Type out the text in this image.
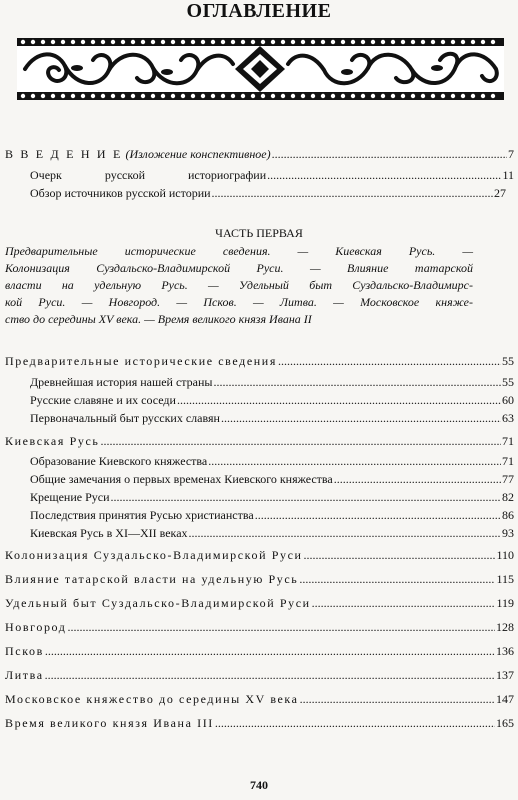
ОГЛАВЛЕНИЕ
В В Е Д Е Н И Е (Изложение конспективное) .....	7
Очерк русской историографии .....	11
Обзор источников русской истории .....	27
ЧАСТЬ ПЕРВАЯ
Предварительные исторические сведения. — Киевская Русь. —
Колонизация Суздальско-Владимирской Руси. — Влияние татарской
власти на удельную Русь. — Удельный быт Суздальско-Владимирс-
кой Руси. — Новгород. — Псков. — Литва. — Московское княже-
ство до середины XV века. — Время великого князя Ивана II
Предварительные исторические сведения .....	55
Древнейшая история нашей страны .....	55
Русские славяне и их соседи .....	60
Первоначальный быт русских славян .....	63
Киевская Русь .....	71
Образование Киевского княжества .....	71
Общие замечания о первых временах Киевского княжества .....	77
Крещение Руси .....	82
Последствия принятия Русью христианства .....	86
Киевская Русь в XI—XII веках .....	93
Колонизация Суздальско-Владимирской Руси .....	110
Влияние татарской власти на удельную Русь .....	115
Удельный быт Суздальско-Владимирской Руси .....	119
Новгород .....	128
Псков .....	136
Литва .....	137
Московское княжество до середины XV века .....	147
Время великого князя Ивана III .....	165
740
